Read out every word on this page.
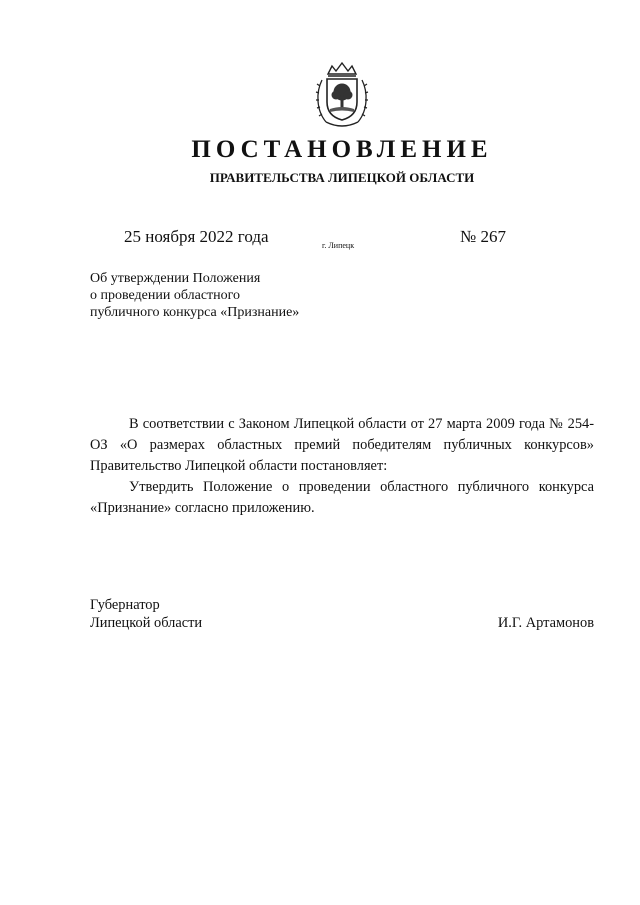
ПОСТАНОВЛЕНИЕ
ПРАВИТЕЛЬСТВА ЛИПЕЦКОЙ ОБЛАСТИ
25 ноября 2022 года	г. Липецк	№ 267
Об утверждении Положения
о проведении областного
публичного конкурса «Признание»

В соответствии с Законом Липецкой области от 27 марта 2009 года № 254-ОЗ «О размерах областных премий победителям публичных конкурсов» Правительство Липецкой области постановляет:

Утвердить Положение о проведении областного публичного конкурса «Признание» согласно приложению.

Губернатор
Липецкой области	И.Г. Артамонов
